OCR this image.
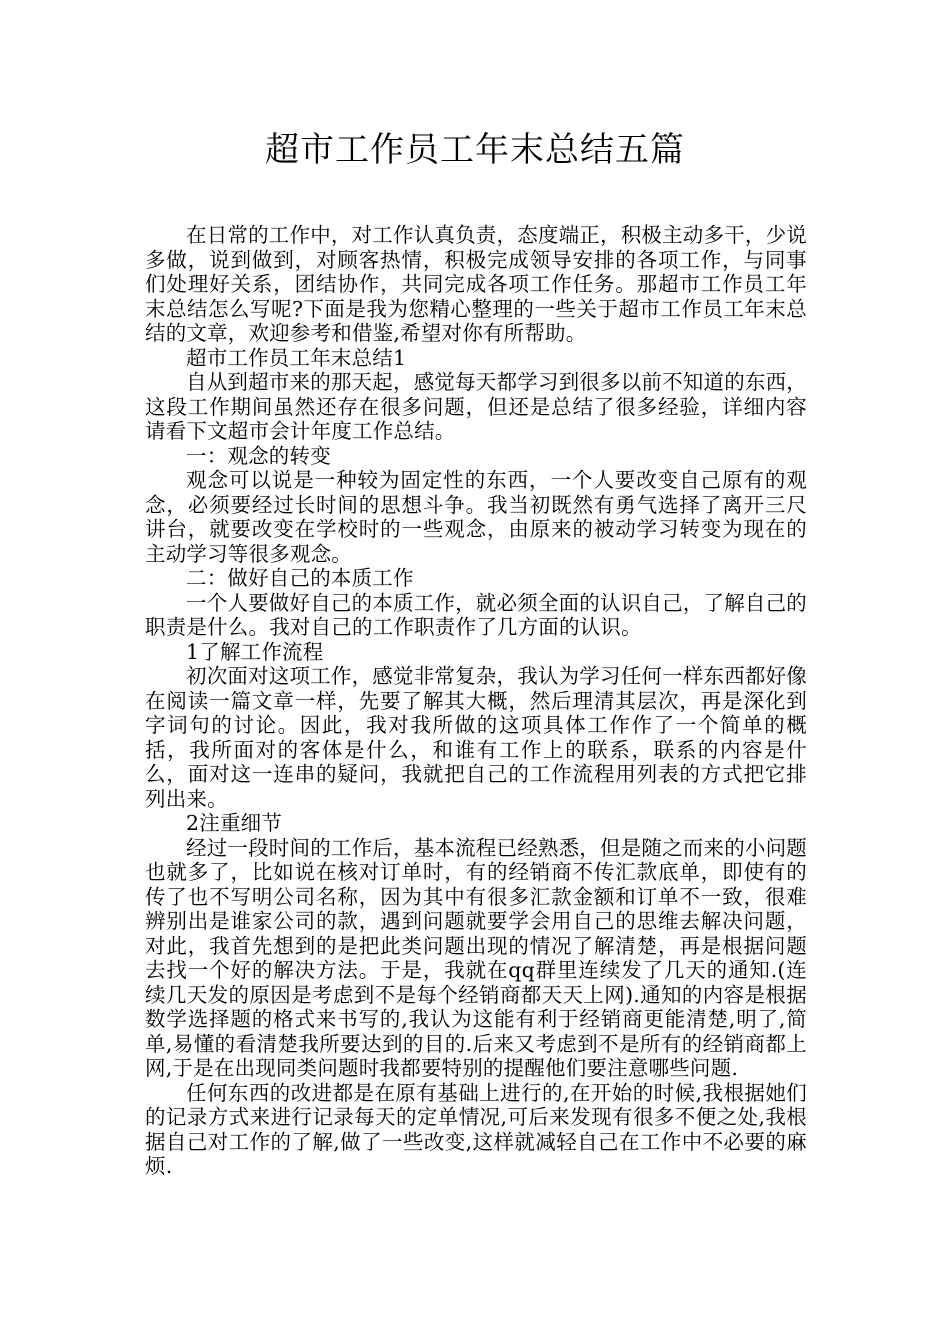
超市工作员工年末总结五篇

在日常的工作中，对工作认真负责，态度端正，积极主动多干，少说多做，说到做到，对顾客热情，积极完成领导安排的各项工作，与同事们处理好关系，团结协作，共同完成各项工作任务。那超市工作员工年末总结怎么写呢?下面是我为您精心整理的一些关于超市工作员工年末总结的文章，欢迎参考和借鉴,希望对你有所帮助。

超市工作员工年末总结1

自从到超市来的那天起，感觉每天都学习到很多以前不知道的东西，这段工作期间虽然还存在很多问题，但还是总结了很多经验，详细内容请看下文超市会计年度工作总结。

一：观念的转变

观念可以说是一种较为固定性的东西，一个人要改变自己原有的观念，必须要经过长时间的思想斗争。我当初既然有勇气选择了离开三尺讲台，就要改变在学校时的一些观念，由原来的被动学习转变为现在的主动学习等很多观念。

二：做好自己的本质工作

一个人要做好自己的本质工作，就必须全面的认识自己，了解自己的职责是什么。我对自己的工作职责作了几方面的认识。

1了解工作流程

初次面对这项工作，感觉非常复杂，我认为学习任何一样东西都好像在阅读一篇文章一样，先要了解其大概，然后理清其层次，再是深化到字词句的讨论。因此，我对我所做的这项具体工作作了一个简单的概括，我所面对的客体是什么，和谁有工作上的联系，联系的内容是什么，面对这一连串的疑问，我就把自己的工作流程用列表的方式把它排列出来。

2注重细节

经过一段时间的工作后，基本流程已经熟悉，但是随之而来的小问题也就多了，比如说在核对订单时，有的经销商不传汇款底单，即使有的传了也不写明公司名称，因为其中有很多汇款金额和订单不一致，很难辨别出是谁家公司的款，遇到问题就要学会用自己的思维去解决问题，对此，我首先想到的是把此类问题出现的情况了解清楚，再是根据问题去找一个好的解决方法。于是，我就在qq群里连续发了几天的通知.(连续几天发的原因是考虑到不是每个经销商都天天上网).通知的内容是根据数学选择题的格式来书写的,我认为这能有利于经销商更能清楚,明了,简单,易懂的看清楚我所要达到的目的.后来又考虑到不是所有的经销商都上网,于是在出现同类问题时我都要特别的提醒他们要注意哪些问题.

任何东西的改进都是在原有基础上进行的,在开始的时候,我根据她们的记录方式来进行记录每天的定单情况,可后来发现有很多不便之处,我根据自己对工作的了解,做了一些改变,这样就减轻自己在工作中不必要的麻烦.
